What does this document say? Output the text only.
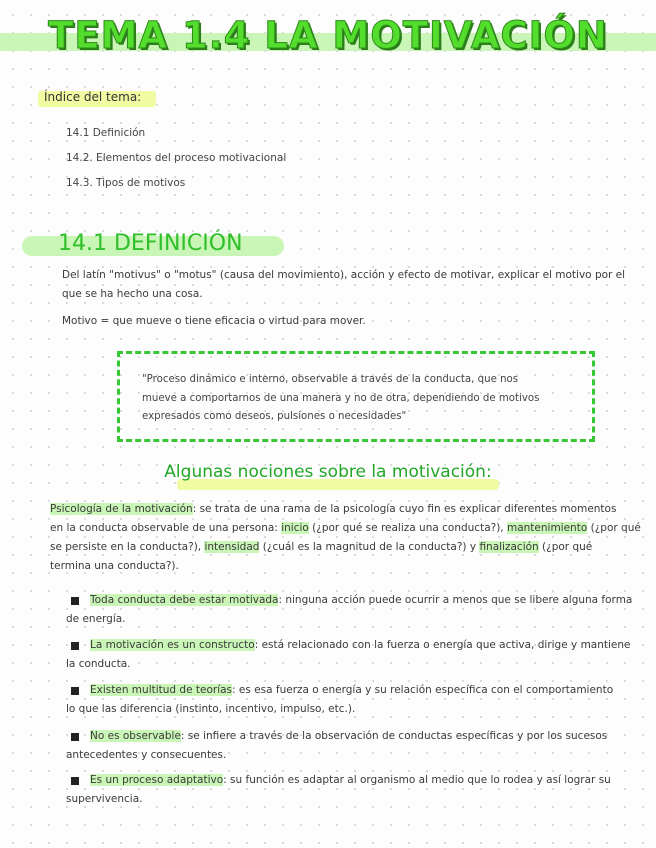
TEMA 1.4 LA MOTIVACIÓN
Índice del tema:
14.1 Definición
14.2. Elementos del proceso motivacional
14.3. Tipos de motivos
14.1 DEFINICIÓN
Del latín "motivus" o "motus" (causa del movimiento), acción y efecto de motivar, explicar el motivo por el
que se ha hecho una cosa.
Motivo = que mueve o tiene eficacia o virtud para mover.
"Proceso dinámico e interno, observable a través de la conducta, que nos
mueve a comportarnos de una manera y no de otra, dependiendo de motivos
expresados como deseos, pulsiones o necesidades"
Algunas nociones sobre la motivación:
Psicología de la motivación: se trata de una rama de la psicología cuyo fin es explicar diferentes momentos
en la conducta observable de una persona: inicio (¿por qué se realiza una conducta?), mantenimiento (¿por qué
se persiste en la conducta?), intensidad (¿cuál es la magnitud de la conducta?) y finalización (¿por qué
termina una conducta?).
Toda conducta debe estar motivada: ninguna acción puede ocurrir a menos que se libere alguna forma
de energía.
La motivación es un constructo: está relacionado con la fuerza o energía que activa, dirige y mantiene
la conducta.
Existen multitud de teorías: es esa fuerza o energía y su relación específica con el comportamiento
lo que las diferencia (instinto, incentivo, impulso, etc.).
No es observable: se infiere a través de la observación de conductas específicas y por los sucesos
antecedentes y consecuentes.
Es un proceso adaptativo: su función es adaptar al organismo al medio que lo rodea y así lograr su
supervivencia.
